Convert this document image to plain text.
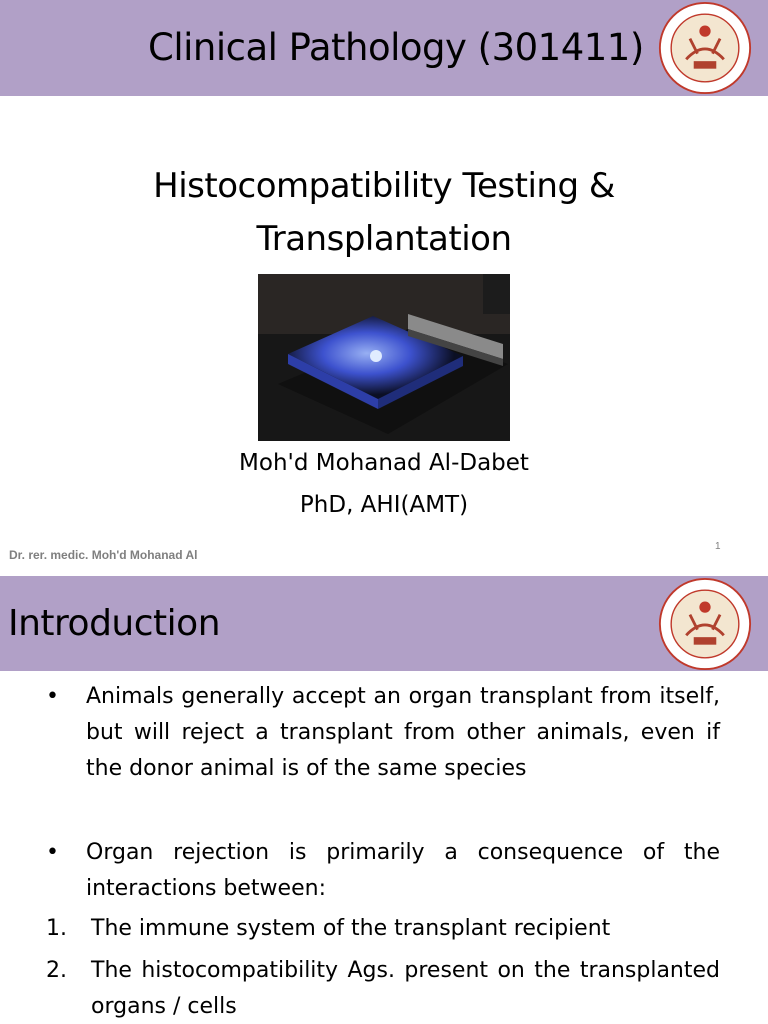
Clinical Pathology (301411)
Histocompatibility Testing &
Transplantation
Moh'd Mohanad Al-Dabet
PhD, AHI(AMT)
Dr. rer. medic. Moh'd Mohanad Al
1
Introduction
• Animals generally accept an organ transplant from itself, but will reject a transplant from other animals, even if the donor animal is of the same species
• Organ rejection is primarily a consequence of the interactions between:
1. The immune system of the transplant recipient
2. The histocompatibility Ags. present on the transplanted organs / cells
